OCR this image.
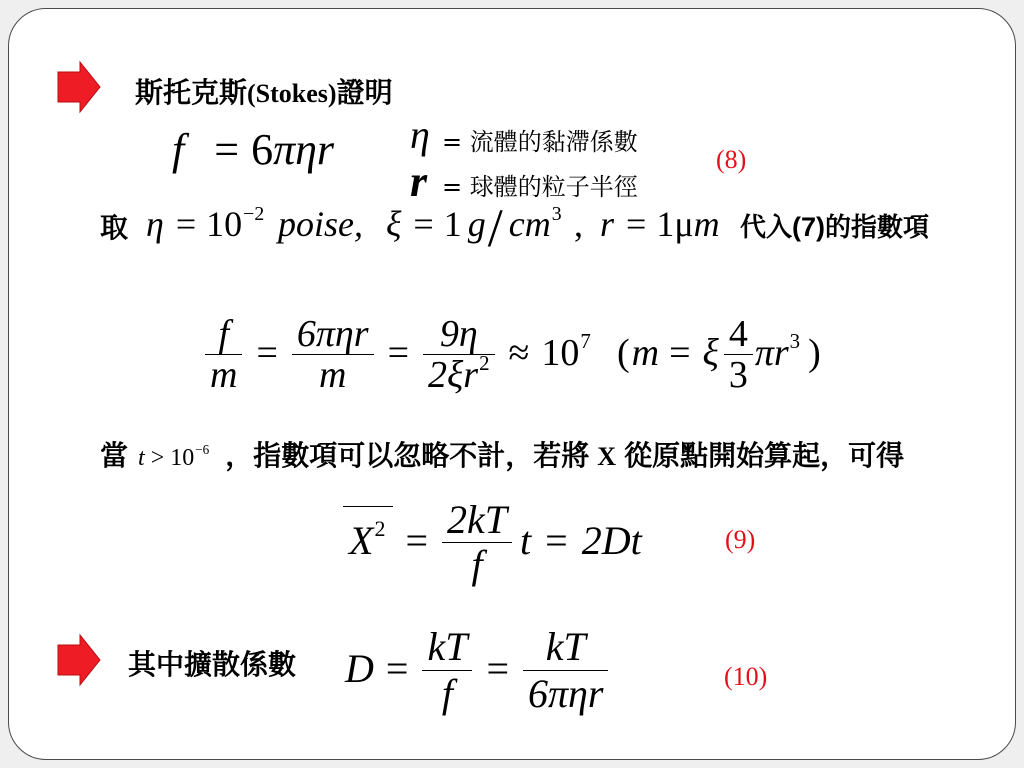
斯托克斯(Stokes)證明
f = 6πηr	(8)
η = 流體的黏滯係數
r = 球體的粒子半徑
取 $\eta = 10^{-2}$ poise, ξ = 1 g/ $cm^3$ , r = 1μm 代入(7)的指數項
$\frac{f}{m} = \frac{\text{6πηr}}{m} = \frac{9\eta}{2\xi r^2} \approx 10^7$ ( m = ξ $\frac{4}{3} \pi r^3$ )
當 $t > 10^{-6}$ ，指數項可以忽略不計，若將 X 從原點開始算起，可得
$X^2 = \frac{2kT}{f}$ t = 2Dt	(9)
其中擴散係數 $D = \frac{kT}{f} = \frac{kT}{\text{6πηr}}$	(10)
